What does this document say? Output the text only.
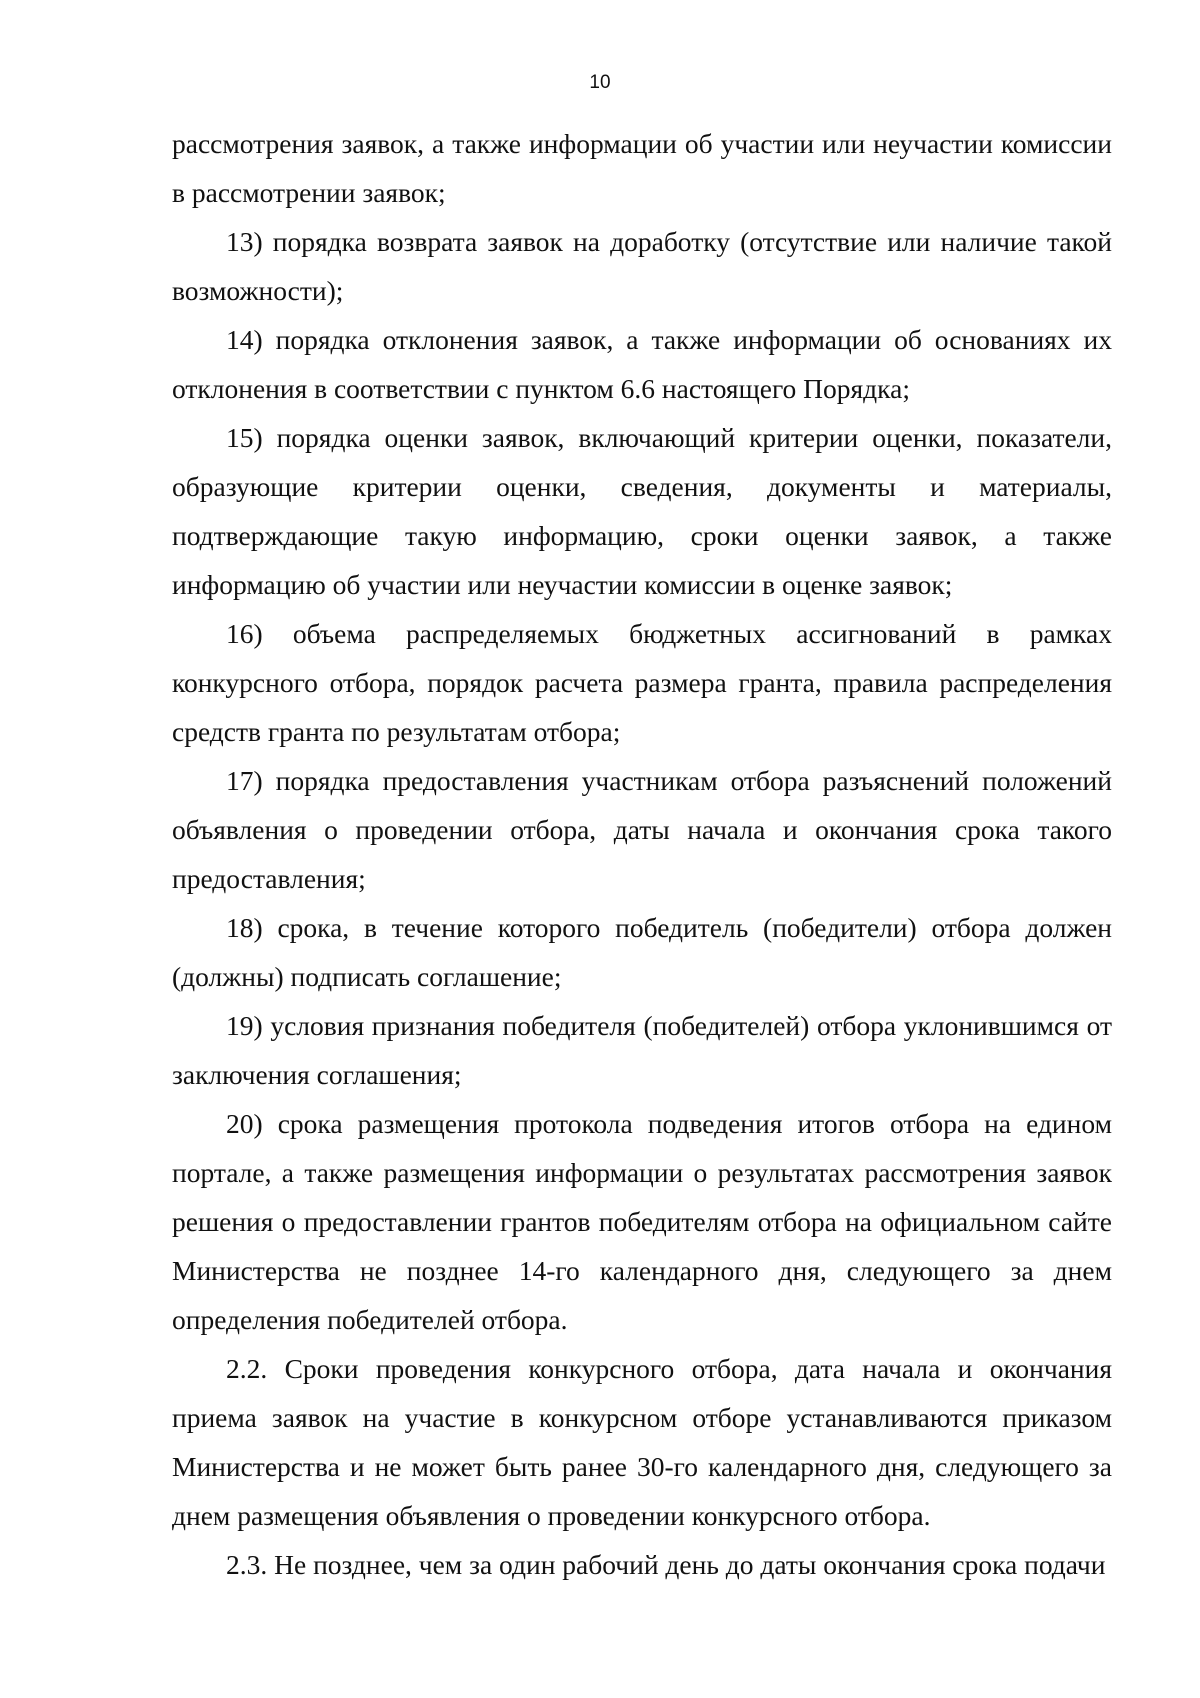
10

рассмотрения заявок, а также информации об участии или неучастии комиссии в рассмотрении заявок;

13) порядка возврата заявок на доработку (отсутствие или наличие такой возможности);

14) порядка отклонения заявок, а также информации об основаниях их отклонения в соответствии с пунктом 6.6 настоящего Порядка;

15) порядка оценки заявок, включающий критерии оценки, показатели, образующие критерии оценки, сведения, документы и материалы, подтверждающие такую информацию, сроки оценки заявок, а также информацию об участии или неучастии комиссии в оценке заявок;

16) объема распределяемых бюджетных ассигнований в рамках конкурсного отбора, порядок расчета размера гранта, правила распределения средств гранта по результатам отбора;

17) порядка предоставления участникам отбора разъяснений положений объявления о проведении отбора, даты начала и окончания срока такого предоставления;

18) срока, в течение которого победитель (победители) отбора должен (должны) подписать соглашение;

19) условия признания победителя (победителей) отбора уклонившимся от заключения соглашения;

20) срока размещения протокола подведения итогов отбора на едином портале, а также размещения информации о результатах рассмотрения заявок решения о предоставлении грантов победителям отбора на официальном сайте Министерства не позднее 14-го календарного дня, следующего за днем определения победителей отбора.

2.2. Сроки проведения конкурсного отбора, дата начала и окончания приема заявок на участие в конкурсном отборе устанавливаются приказом Министерства и не может быть ранее 30-го календарного дня, следующего за днем размещения объявления о проведении конкурсного отбора.

2.3. Не позднее, чем за один рабочий день до даты окончания срока подачи
